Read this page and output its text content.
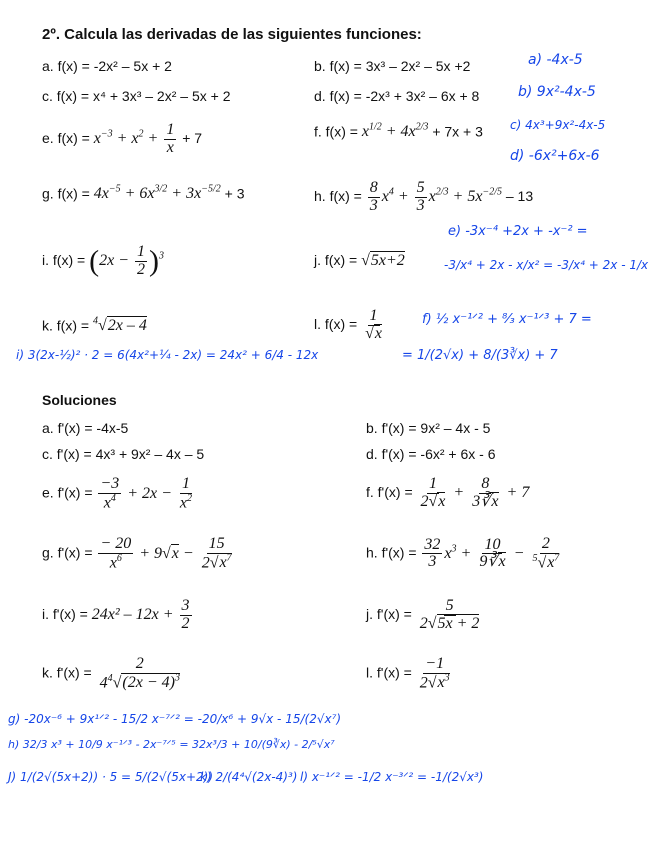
2º. Calcula las derivadas de las siguientes funciones:
a. f(x) = -2x² – 5x + 2	b. f(x) = 3x³ – 2x² – 5x +2
c. f(x) = x⁴ + 3x³ – 2x² – 5x + 2	d. f(x) = -2x³ + 3x² – 6x + 8
e. $f(x) = x^{-3} + x^2 + \frac{1}{x} + 7$	f. $f(x) = x^{1/2} + 4x^{2/3} + 7x + 3$
g. $f(x) = 4x^{-5} + 6x^{3/2} + 3x^{-5/2} + 3$	h. $f(x) = \frac{8}{3} x^4 + \frac{5}{3} x^{2/3} + 5x^{-2/5} - 13$
i. $f(x) = (2x - \frac{1}{2} )^3$	j. f(x) = √5x+2
k. f(x) = $^4$√2x – 4	l. $f(x) = \frac{1}{√x}$
a) -4x-5
b) 9x²-4x-5
c) 4x³+9x²-4x-5
d) -6x²+6x-6
e) -3x⁻⁴ +2x + -x⁻² =
-3/x⁴ + 2x - x/x² = -3/x⁴ + 2x - 1/x
f) ½ x⁻¹ᐟ² + ⁸⁄₃ x⁻¹ᐟ³ + 7 =
= 1/(2√x) + 8/(3∛x) + 7
i) 3(2x-½)² · 2 = 6(4x²+¼ - 2x) = 24x² + 6/4 - 12x
Soluciones
a. f'(x) = -4x-5	b. f'(x) = 9x² – 4x - 5
c. f'(x) = 4x³ + 9x² – 4x – 5	d. f'(x) = -6x² + 6x - 6
e. $f'(x) = \frac{-3}{x^4} + 2x - \frac{1}{x^2}$	f. $f'(x) = \frac{1}{2√x} + \frac{8}{3∛x} + 7$
g. $f'(x) = \frac{- 20}{x^6} + 9√x - \frac{15}{2√x^7}$	h. $f'(x) = \frac{32}{3} x^3 + \frac{10}{9∛x} - \frac{2}{^5√x^7}$
i. $f'(x) = 24x^2 - 12x + \frac{3}{2}$	j. $f'(x) = \frac{5}{2√5x + 2}$
k. $f'(x) = \frac{2}{4^4√(2x - 4)^3}$	l. $f'(x) = \frac{-1}{2√x^3}$
g) -20x⁻⁶ + 9x¹ᐟ² - 15/2 x⁻⁷ᐟ² = -20/x⁶ + 9√x - 15/(2√x⁷)
h) 32/3 x³ + 10/9 x⁻¹ᐟ³ - 2x⁻⁷ᐟ⁵ = 32x³/3 + 10/(9∛x) - 2/⁵√x⁷
J) 1/(2√(5x+2)) · 5 = 5/(2√(5x+2))
k) 2/(4⁴√(2x-4)³) l) x⁻¹ᐟ² = -1/2 x⁻³ᐟ² = -1/(2√x³)
